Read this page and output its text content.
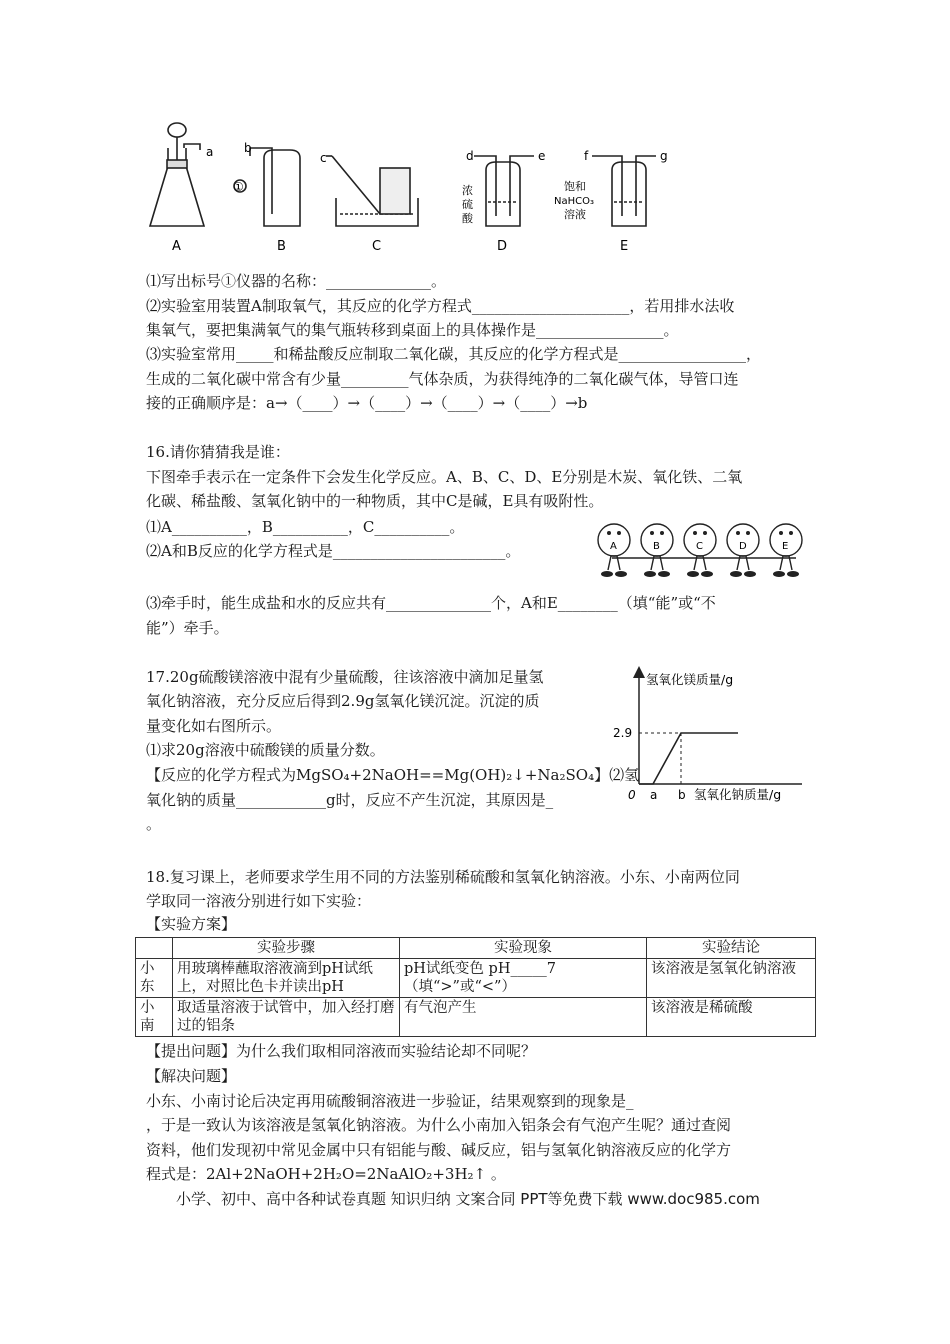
a
A
b
①
B
c
C
d	e
浓
硫
酸
D
f	g
饱和
NaHCO₃
溶液
E
⑴写出标号①仪器的名称：______________。
⑵实验室用装置A制取氧气，其反应的化学方程式_____________________，若用排水法收
集氧气，要把集满氧气的集气瓶转移到桌面上的具体操作是_________________。
⑶实验室常用_____和稀盐酸反应制取二氧化碳，其反应的化学方程式是_________________，
生成的二氧化碳中常含有少量_________气体杂质，为获得纯净的二氧化碳气体，导管口连
接的正确顺序是：a→（____）→（____）→（____）→（____）→b
16.请你猜猜我是谁：
下图牵手表示在一定条件下会发生化学反应。A、B、C、D、E分别是木炭、氧化铁、二氧
化碳、稀盐酸、氢氧化钠中的一种物质，其中C是碱，E具有吸附性。
⑴A__________，B__________，C__________。
⑵A和B反应的化学方程式是_______________________。	A	B	C	D	E
⑶牵手时，能生成盐和水的反应共有______________个，A和E________（填“能”或“不
能”）牵手。
17.20g硫酸镁溶液中混有少量硫酸，往该溶液中滴加足量氢
氧化钠溶液，充分反应后得到2.9g氢氧化镁沉淀。沉淀的质
量变化如右图所示。
⑴求20g溶液中硫酸镁的质量分数。
【反应的化学方程式为MgSO₄+2NaOH==Mg(OH)₂↓+Na₂SO₄】⑵氢
氧化钠的质量____________g时，反应不产生沉淀，其原因是_
。
氢氧化镁质量/g
氢氧化钠质量/g
0 a b
2.9
18.复习课上，老师要求学生用不同的方法鉴别稀硫酸和氢氧化钠溶液。小东、小南两位同
学取同一溶液分别进行如下实验：
【实验方案】
	实验步骤	实验现象	实验结论
小东	用玻璃棒蘸取溶液滴到pH试纸上，对照比色卡并读出pH	pH试纸变色 pH_____7（填“>”或“<”）	该溶液是氢氧化钠溶液
小南	取适量溶液于试管中，加入经打磨过的铝条	有气泡产生	该溶液是稀硫酸
【提出问题】为什么我们取相同溶液而实验结论却不同呢？
【解决问题】
小东、小南讨论后决定再用硫酸铜溶液进一步验证，结果观察到的现象是_
，于是一致认为该溶液是氢氧化钠溶液。为什么小南加入铝条会有气泡产生呢？通过查阅
资料，他们发现初中常见金属中只有铝能与酸、碱反应，铝与氢氧化钠溶液反应的化学方
程式是：2Al+2NaOH+2H₂O=2NaAlO₂+3H₂↑ 。
小学、初中、高中各种试卷真题 知识归纳 文案合同 PPT等免费下载 www.doc985.com
